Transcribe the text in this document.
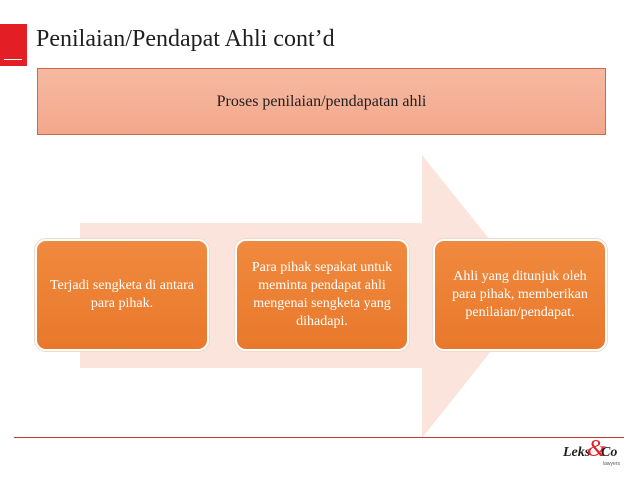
Penilaian/Pendapat Ahli cont’d
Proses penilaian/pendapatan ahli
Terjadi sengketa di antara para pihak.
Para pihak sepakat untuk meminta pendapat ahli mengenai sengketa yang dihadapi.
Ahli yang ditunjuk oleh para pihak, memberikan penilaian/pendapat.
Leks
&
Co
lawyers
